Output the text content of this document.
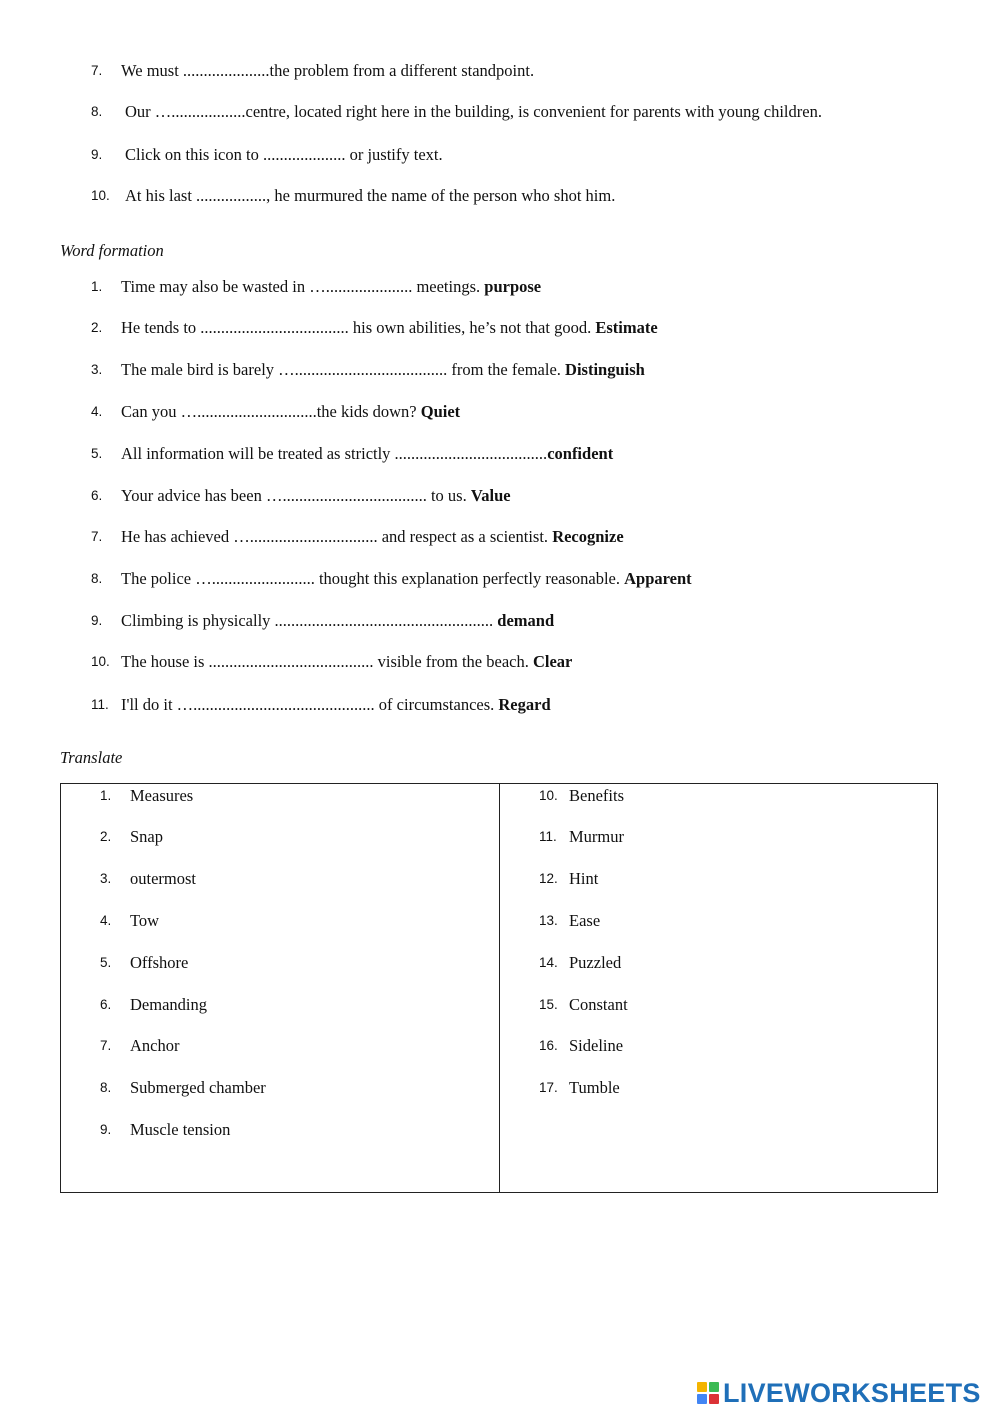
7. We must .....................the problem from a different standpoint.
8. Our …..................centre, located right here in the building, is convenient for parents with young children.
9. Click on this icon to .................... or justify text.
10. At his last ................., he murmured the name of the person who shot him.
Word formation
1. Time may also be wasted in …..................... meetings. purpose
2. He tends to .................................... his own abilities, he’s not that good. Estimate
3. The male bird is barely …..................................... from the female. Distinguish
4. Can you ….............................the kids down? Quiet
5. All information will be treated as strictly .....................................confident
6. Your advice has been …................................... to us. Value
7. He has achieved …............................... and respect as a scientist. Recognize
8. The police …......................... thought this explanation perfectly reasonable. Apparent
9. Climbing is physically ..................................................... demand
10. The house is ........................................ visible from the beach. Clear
11. I'll do it …............................................ of circumstances. Regard
Translate
1. Measures
2. Snap
3. outermost
4. Tow
5. Offshore
6. Demanding
7. Anchor
8. Submerged chamber
9. Muscle tension
10. Benefits
11. Murmur
12. Hint
13. Ease
14. Puzzled
15. Constant
16. Sideline
17. Tumble
LIVEWORKSHEETS
